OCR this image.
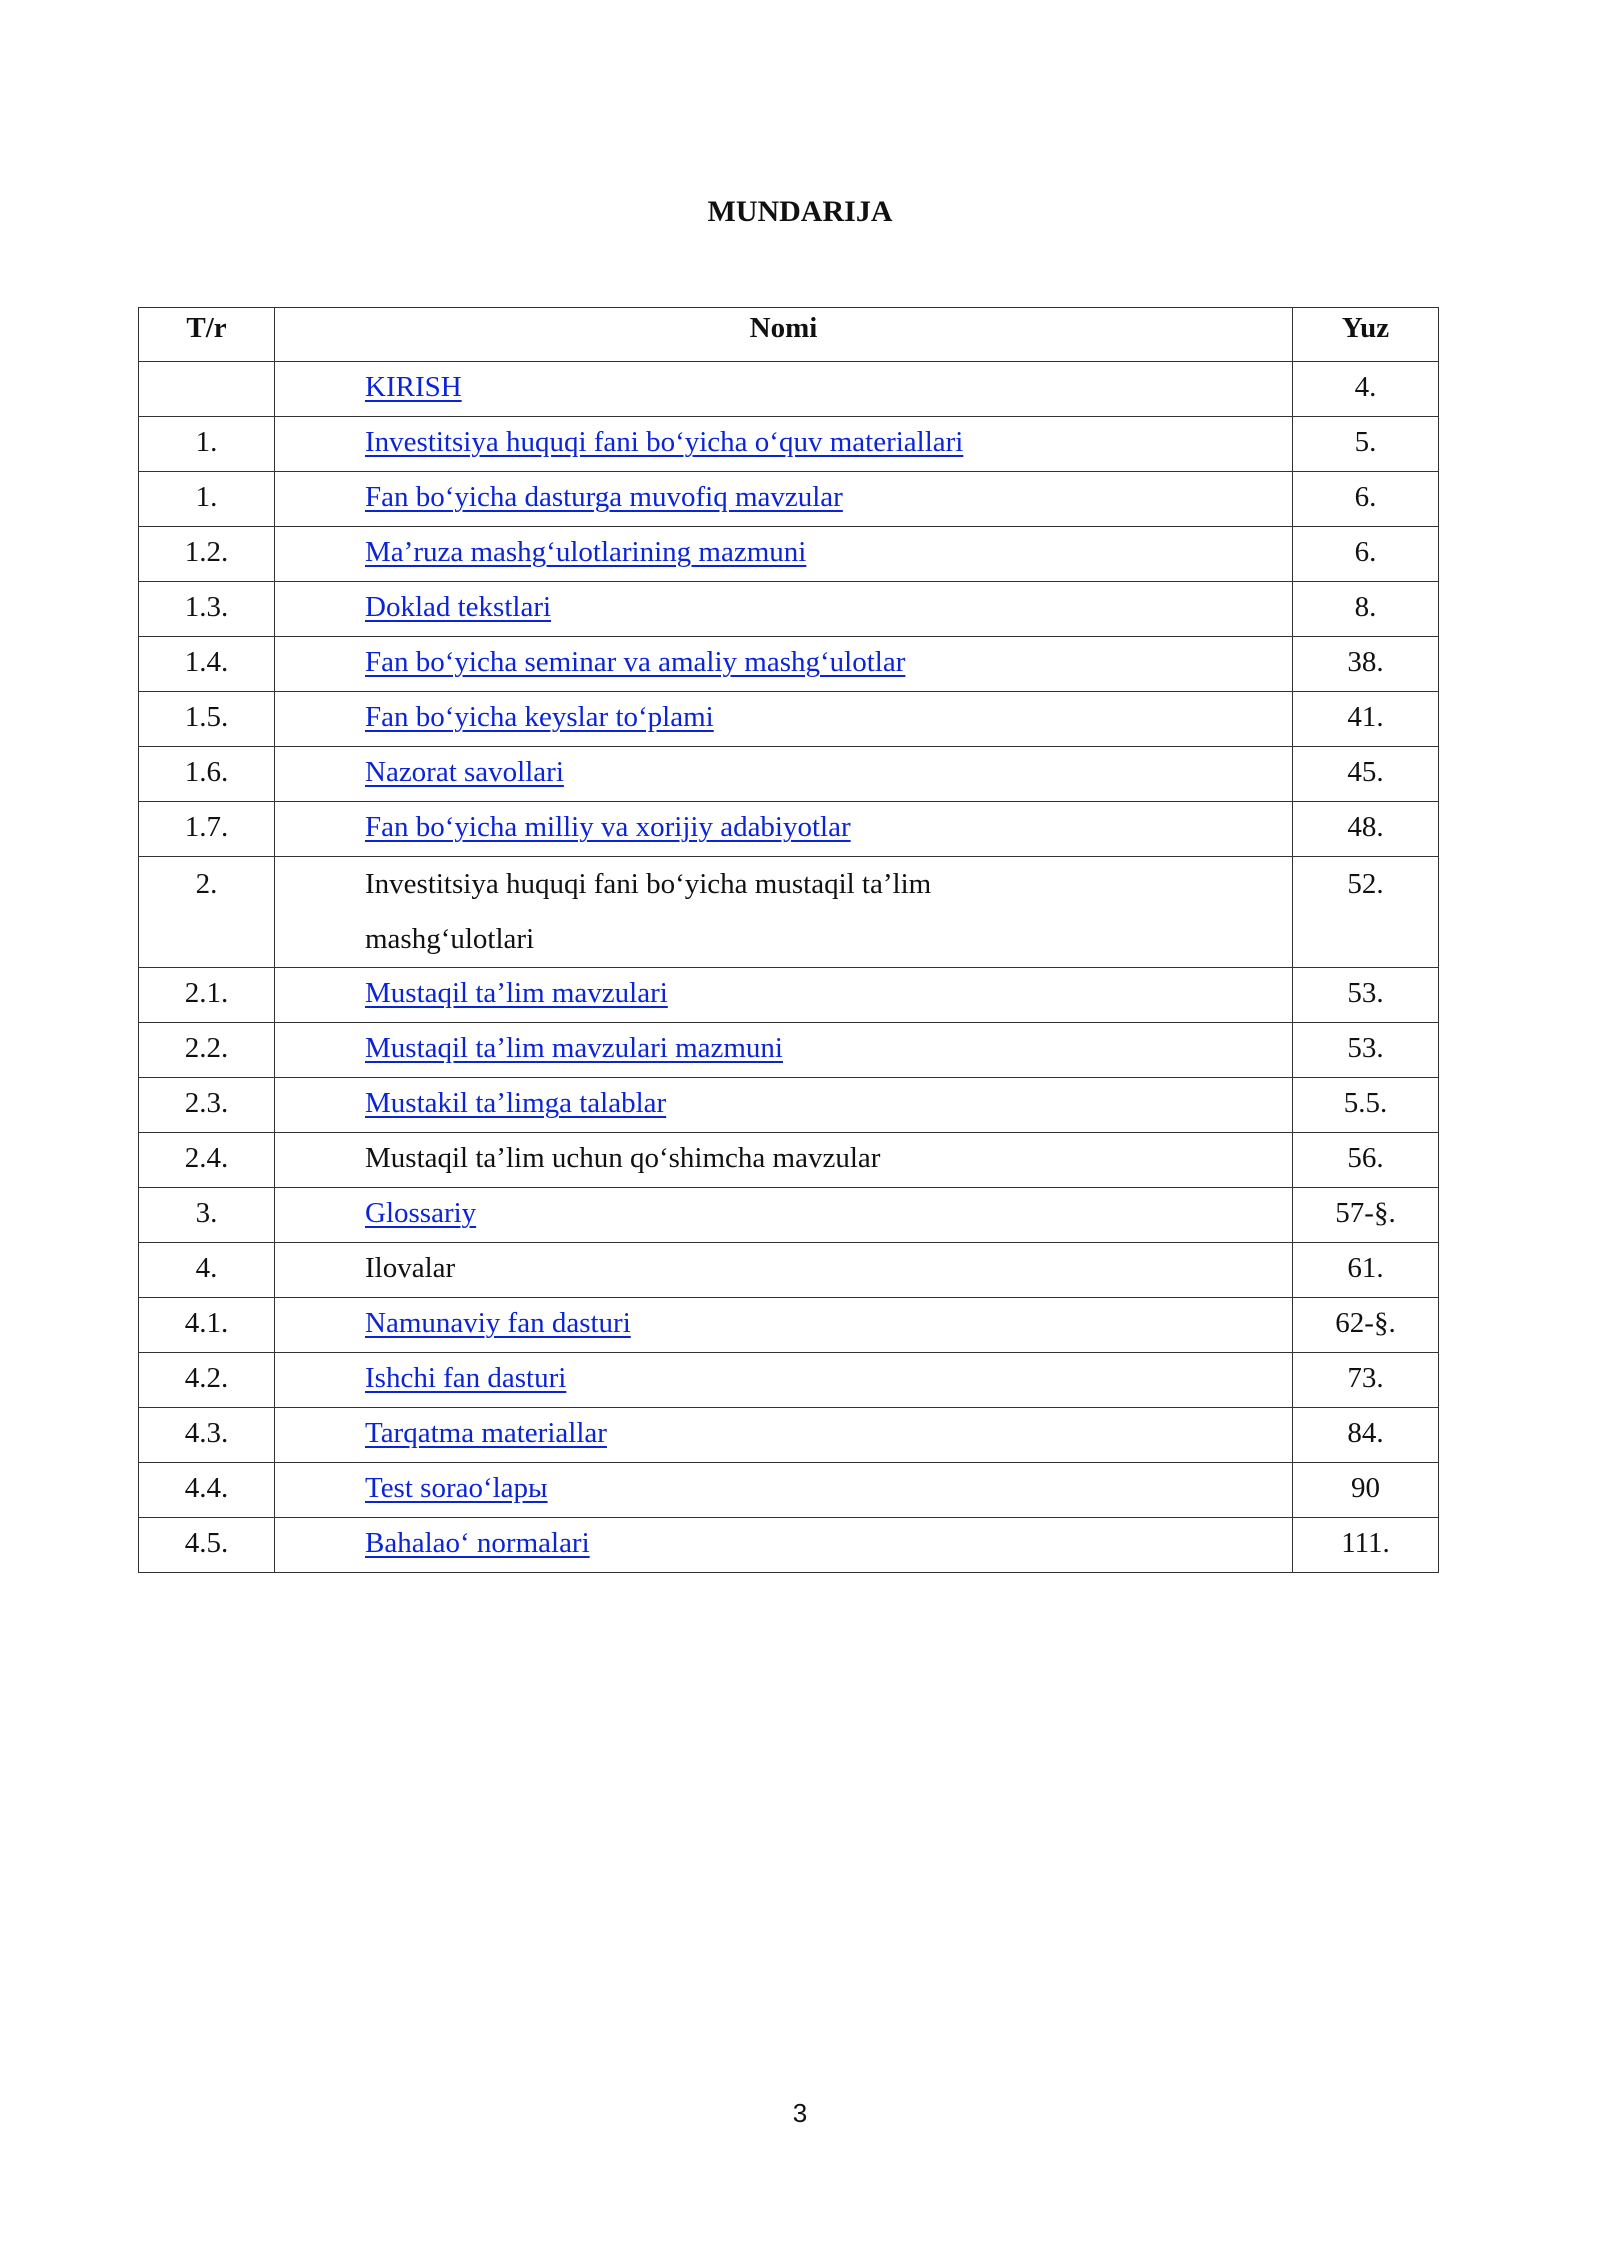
MUNDARIJA
T/r	Nomi	Yuz
	KIRISH	4.
1.	Investitsiya huquqi fani bo‘yicha o‘quv materiallari	5.
1.	Fan bo‘yicha dasturga muvofiq mavzular	6.
1.2.	Ma’ruza mashg‘ulotlarining mazmuni	6.
1.3.	Doklad tekstlari	8.
1.4.	Fan bo‘yicha seminar va amaliy mashg‘ulotlar	38.
1.5.	Fan bo‘yicha keyslar to‘plami	41.
1.6.	Nazorat savollari	45.
1.7.	Fan bo‘yicha milliy va xorijiy adabiyotlar	48.
2.	Investitsiya huquqi fani bo‘yicha mustaqil ta’lim
mashg‘ulotlari	52.
2.1.	Mustaqil ta’lim mavzulari	53.
2.2.	Mustaqil ta’lim mavzulari mazmuni	53.
2.3.	Mustakil ta’limga talablar	5.5.
2.4.	Mustaqil ta’lim uchun qo‘shimcha mavzular	56.
3.	Glossariy	57-§.
4.	Ilovalar	61.
4.1.	Namunaviy fan dasturi	62-§.
4.2.	Ishchi fan dasturi	73.
4.3.	Tarqatma materiallar	84.
4.4.	Test sorao‘lapы	90
4.5.	Bahalao‘ normalari	111.
3
